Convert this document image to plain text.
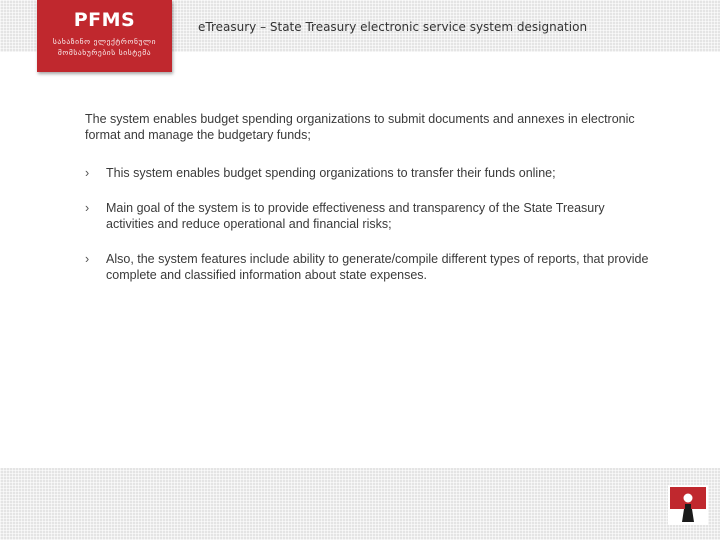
PFMS
სახაზინო ელექტრონული
მომსახურების სისტემა
eTreasury – State Treasury electronic service system designation

The system enables budget spending organizations to submit documents and annexes in electronic format and manage the budgetary funds;

› This system enables budget spending organizations to transfer their funds online;
› Main goal of the system is to provide effectiveness and transparency of the State Treasury activities and reduce operational and financial risks;
› Also, the system features include ability to generate/compile different types of reports, that provide complete and classified information about state expenses.
